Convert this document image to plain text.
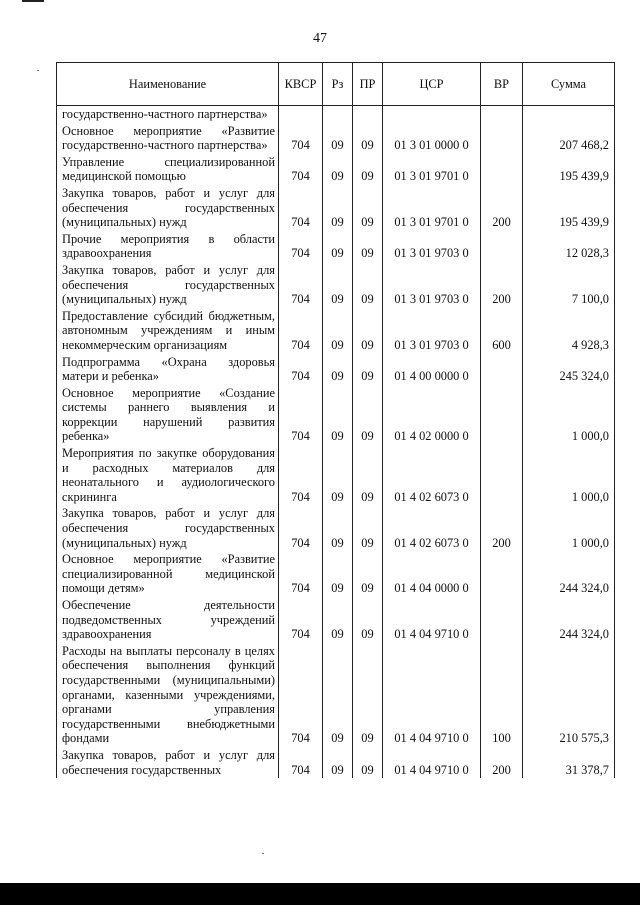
47
Наименование	КВСР	Рз	ПР	ЦСР	ВР	Сумма

государственно-частного партнерства»						

Основное мероприятие «Развитие государственно-частного партнерства»	704	09	09	01 3 01 0000 0		207 468,2

Управление специализированной медицинской помощью	704	09	09	01 3 01 9701 0		195 439,9

Закупка товаров, работ и услуг для обеспечения государственных (муниципальных) нужд	704	09	09	01 3 01 9701 0	200	195 439,9

Прочие мероприятия в области здравоохранения	704	09	09	01 3 01 9703 0		12 028,3

Закупка товаров, работ и услуг для обеспечения государственных (муниципальных) нужд	704	09	09	01 3 01 9703 0	200	7 100,0

Предоставление субсидий бюджетным, автономным учреждениям и иным некоммерческим организациям	704	09	09	01 3 01 9703 0	600	4 928,3

Подпрограмма «Охрана здоровья матери и ребенка»	704	09	09	01 4 00 0000 0		245 324,0

Основное мероприятие «Создание системы раннего выявления и коррекции нарушений развития ребенка»	704	09	09	01 4 02 0000 0		1 000,0

Мероприятия по закупке оборудования и расходных материалов для неонатального и аудиологического скрининга	704	09	09	01 4 02 6073 0		1 000,0

Закупка товаров, работ и услуг для обеспечения государственных (муниципальных) нужд	704	09	09	01 4 02 6073 0	200	1 000,0

Основное мероприятие «Развитие специализированной медицинской помощи детям»	704	09	09	01 4 04 0000 0		244 324,0

Обеспечение деятельности подведомственных учреждений здравоохранения	704	09	09	01 4 04 9710 0		244 324,0

Расходы на выплаты персоналу в целях обеспечения выполнения функций государственными (муниципальными) органами, казенными учреждениями, органами управления государственными внебюджетными фондами	704	09	09	01 4 04 9710 0	100	210 575,3

Закупка товаров, работ и услуг для обеспечения государственных	704	09	09	01 4 04 9710 0	200	31 378,7
